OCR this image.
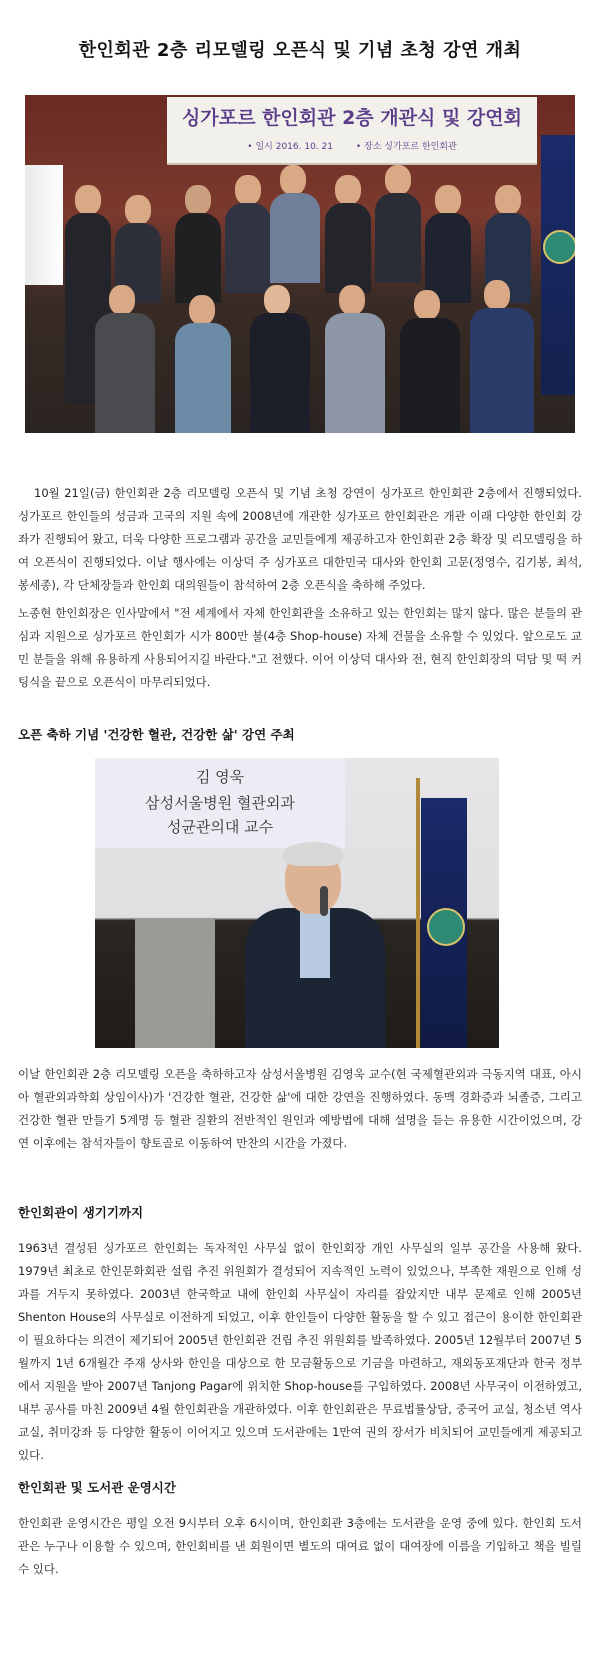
한인회관 2층 리모델링 오픈식 및 기념 초청 강연 개최
싱가포르 한인회관 2층 개관식 및 강연회
• 일시 2016. 10. 21	• 장소 싱가포르 한인회관
10월 21일(금) 한인회관 2층 리모델링 오픈식 및 기념 초청 강연이 싱가포르 한인회관 2층에서 진행되었다. 싱가포르 한인들의 성금과 고국의 지원 속에 2008년에 개관한 싱가포르 한인회관은 개관 이래 다양한 한인회 강좌가 진행되어 왔고, 더욱 다양한 프로그램과 공간을 교민들에게 제공하고자 한인회관 2층 확장 및 리모델링을 하여 오픈식이 진행되었다. 이날 행사에는 이상덕 주 싱가포르 대한민국 대사와 한인회 고문(정영수, 김기봉, 최석, 봉세종), 각 단체장들과 한인회 대의원들이 참석하여 2층 오픈식을 축하해 주었다.
노종현 한인회장은 인사말에서 "전 세계에서 자체 한인회관을 소유하고 있는 한인회는 많지 않다. 많은 분들의 관심과 지원으로 싱가포르 한인회가 시가 800만 불(4층 Shop-house) 자체 건물을 소유할 수 있었다. 앞으로도 교민 분들을 위해 유용하게 사용되어지길 바란다."고 전했다. 이어 이상덕 대사와 전, 현직 한인회장의 덕담 및 떡 커팅식을 끝으로 오픈식이 마무리되었다.
오픈 축하 기념 '건강한 혈관, 건강한 삶' 강연 주최
김 영욱
삼성서울병원 혈관외과
성균관의대 교수
이날 한인회관 2층 리모델링 오픈을 축하하고자 삼성서울병원 김영욱 교수(현 국제혈관외과 극동지역 대표, 아시아 혈관외과학회 상임이사)가 '건강한 혈관, 건강한 삶'에 대한 강연을 진행하였다. 동맥 경화증과 뇌졸증, 그리고 건강한 혈관 만들기 5계명 등 혈관 질환의 전반적인 원인과 예방법에 대해 설명을 듣는 유용한 시간이었으며, 강연 이후에는 참석자들이 향토골로 이동하여 만찬의 시간을 가졌다.
한인회관이 생기기까지
1963년 결성된 싱가포르 한인회는 독자적인 사무실 없이 한인회장 개인 사무실의 일부 공간을 사용해 왔다. 1979년 최초로 한인문화회관 설립 추진 위원회가 결성되어 지속적인 노력이 있었으나, 부족한 재원으로 인해 성과를 거두지 못하였다. 2003년 한국학교 내에 한인회 사무실이 자리를 잡았지만 내부 문제로 인해 2005년 Shenton House의 사무실로 이전하게 되었고, 이후 한인들이 다양한 활동을 할 수 있고 접근이 용이한 한인회관이 필요하다는 의견이 제기되어 2005년 한인회관 건립 추진 위원회를 발족하였다. 2005년 12월부터 2007년 5월까지 1년 6개월간 주재 상사와 한인을 대상으로 한 모금활동으로 기금을 마련하고, 재외동포재단과 한국 정부에서 지원을 받아 2007년 Tanjong Pagar에 위치한 Shop-house를 구입하였다. 2008년 사무국이 이전하였고, 내부 공사를 마친 2009년 4월 한인회관을 개관하였다. 이후 한인회관은 무료법률상담, 중국어 교실, 청소년 역사교실, 취미강좌 등 다양한 활동이 이어지고 있으며 도서관에는 1만여 권의 장서가 비치되어 교민들에게 제공되고 있다.
한인회관 및 도서관 운영시간
한인회관 운영시간은 평일 오전 9시부터 오후 6시이며, 한인회관 3층에는 도서관을 운영 중에 있다. 한인회 도서관은 누구나 이용할 수 있으며, 한인회비를 낸 회원이면 별도의 대여료 없이 대여장에 이름을 기입하고 책을 빌릴 수 있다.
